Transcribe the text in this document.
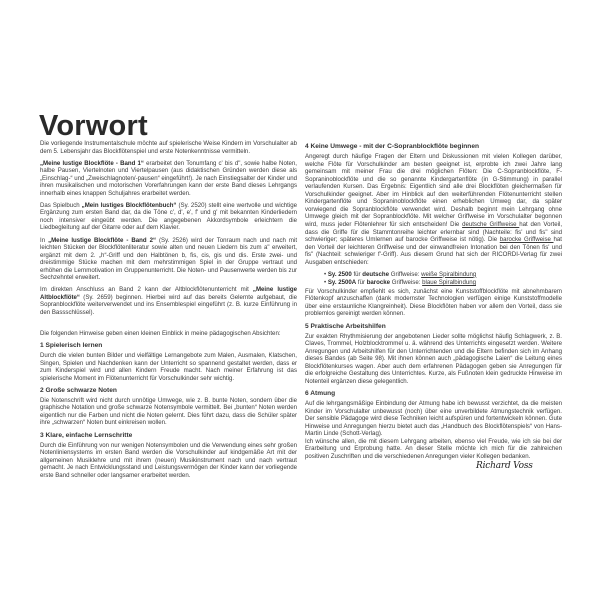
Vorwort

Die vorliegende Instrumentalschule möchte auf spielerische Weise Kindern im Vorschulalter ab dem 5. Lebensjahr das Blockflötenspiel und erste Notenkenntnisse vermitteln.

„Meine lustige Blockflöte - Band 1“ erarbeitet den Tonumfang c' bis d", sowie halbe Noten, halbe Pausen, Viertelnoten und Viertelpausen (aus didaktischen Gründen werden diese als „Einschlag-“ und „Zweischlagnoten/-pausen“ eingeführt!). Je nach Einstiegsalter der Kinder und ihren musikalischen und motorischen Vorerfahrungen kann der erste Band dieses Lehrgangs innerhalb eines knappen Schuljahres erarbeitet werden.

Das Spielbuch „Mein lustiges Blockflötenbuch“ (Sy. 2520) stellt eine wertvolle und wichtige Ergänzung zum ersten Band dar, da die Töne c', d', e', f' und g' mit bekannten Kinderliedern noch intensiver eingeübt werden. Die angegebenen Akkordsymbole erleichtern die Liedbegleitung auf der Gitarre oder auf dem Klavier.

In „Meine lustige Blockflöte - Band 2“ (Sy. 2526) wird der Tonraum nach und nach mit leichten Stücken der Blockflötenliteratur sowie alten und neuen Liedern bis zum a" erweitert, ergänzt mit dem 2. „h“-Griff und den Halbtönen b, fis, cis, gis und dis. Erste zwei- und dreistimmige Stücke machen mit dem mehrstimmigen Spiel in der Gruppe vertraut und erhöhen die Lernmotivation im Gruppenunterricht. Die Noten- und Pausenwerte werden bis zur Sechzehntel erweitert.

Im direkten Anschluss an Band 2 kann der Altblockflötenunterricht mit „Meine lustige Altblockflöte“ (Sy. 2659) beginnen. Hierbei wird auf das bereits Gelernte aufgebaut, die Sopranblockflöte weiterverwendet und ins Ensemblespiel eingeführt (z. B. kurze Einführung in den Bassschlüssel).

Die folgenden Hinweise geben einen kleinen Einblick in meine pädagogischen Absichten:

1 Spielerisch lernen

Durch die vielen bunten Bilder und vielfältige Lernangebote zum Malen, Ausmalen, Klatschen, Singen, Spielen und Nachdenken kann der Unterricht so spannend gestaltet werden, dass er zum Kinderspiel wird und allen Kindern Freude macht. Nach meiner Erfahrung ist das spielerische Moment im Flötenunterricht für Vorschulkinder sehr wichtig.

2 Große schwarze Noten

Die Notenschrift wird nicht durch unnötige Umwege, wie z. B. bunte Noten, sondern über die graphische Notation und große schwarze Notensymbole vermittelt. Bei „bunten“ Noten werden eigentlich nur die Farben und nicht die Noten gelernt. Dies führt dazu, dass die Schüler später ihre „schwarzen“ Noten bunt einkreisen wollen.

3 Klare, einfache Lernschritte

Durch die Einführung von nur wenigen Notensymbolen und die Verwendung eines sehr großen Notenliniensystems im ersten Band werden die Vorschulkinder auf kindgemäße Art mit der allgemeinen Musiklehre und mit ihrem (neuen) Musikinstrument nach und nach vertraut gemacht. Je nach Entwicklungsstand und Leistungsvermögen der Kinder kann der vorliegende erste Band schneller oder langsamer erarbeitet werden.

4 Keine Umwege - mit der C-Sopranblockflöte beginnen

Angeregt durch häufige Fragen der Eltern und Diskussionen mit vielen Kollegen darüber, welche Flöte für Vorschulkinder am besten geeignet ist, erprobte ich zwei Jahre lang gemeinsam mit meiner Frau die drei möglichen Flöten: Die C-Sopranblockflöte, F-Sopraninoblockflöte und die so genannte Kindergartenflöte (in G-Stimmung) in parallel verlaufenden Kursen. Das Ergebnis: Eigentlich sind alle drei Blockflöten gleichermaßen für Vorschulkinder geeignet. Aber im Hinblick auf den weiterführenden Flötenunterricht stellen Kindergartenflöte und Sopraninoblockflöte einen erheblichen Umweg dar, da später vorwiegend die Sopranblockflöte verwendet wird. Deshalb beginnt mein Lehrgang ohne Umwege gleich mit der Sopranblockflöte. Mit welcher Griffweise im Vorschulalter begonnen wird, muss jeder Flötenlehrer für sich entscheiden! Die deutsche Griffweise hat den Vorteil, dass die Griffe für die Stammtonreihe leichter erlernbar sind (Nachteile: fis' und fis" sind schwieriger; späteres Umlernen auf barocke Griffweise ist nötig). Die barocke Griffweise hat den Vorteil der leichteren Griffweise und der einwandfreien Intonation bei den Tönen fis' und fis" (Nachteil: schwieriger f'-Griff). Aus diesem Grund hat sich der RICORDI-Verlag für zwei Ausgaben entschieden:

• Sy. 2500 für deutsche Griffweise: weiße Spiralbindung

• Sy. 2500A für barocke Griffweise: blaue Spiralbindung

Für Vorschulkinder empfiehlt es sich, zunächst eine Kunststoffblockflöte mit abnehmbarem Flötenkopf anzuschaffen (dank modernster Technologien verfügen einige Kunststoffmodelle über eine erstaunliche Klangreinheit). Diese Blockflöten haben vor allem den Vorteil, dass sie problemlos gereinigt werden können.

5 Praktische Arbeitshilfen

Zur exakten Rhythmisierung der angebotenen Lieder sollte möglichst häufig Schlagwerk, z. B. Claves, Trommel, Holzblocktrommel u. ä. während des Unterrichts eingesetzt werden. Weitere Anregungen und Arbeitshilfen für den Unterrichtenden und die Eltern befinden sich im Anhang dieses Bandes (ab Seite 98). Mit ihnen können auch „pädagogische Laien“ die Leitung eines Blockflötenkurses wagen. Aber auch dem erfahrenen Pädagogen geben sie Anregungen für die erfolgreiche Gestaltung des Unterrichtes. Kurze, als Fußnoten klein gedruckte Hinweise im Notenteil ergänzen diese gelegentlich.

6 Atmung

Auf die lehrgangsmäßige Einbindung der Atmung habe ich bewusst verzichtet, da die meisten Kinder im Vorschulalter unbewusst (noch) über eine unverbildete Atmungstechnik verfügen. Der sensible Pädagoge wird diese Techniken leicht aufspüren und fortentwickeln können. Gute Hinweise und Anregungen hierzu bietet auch das „Handbuch des Blockflötenspiels“ von Hans-Martin Linde (Schott-Verlag).

Ich wünsche allen, die mit diesem Lehrgang arbeiten, ebenso viel Freude, wie ich sie bei der Erarbeitung und Erprobung hatte. An dieser Stelle möchte ich mich für die zahlreichen positiven Zuschriften und die verschiedenen Anregungen vieler Kollegen bedanken.

Richard Voss
